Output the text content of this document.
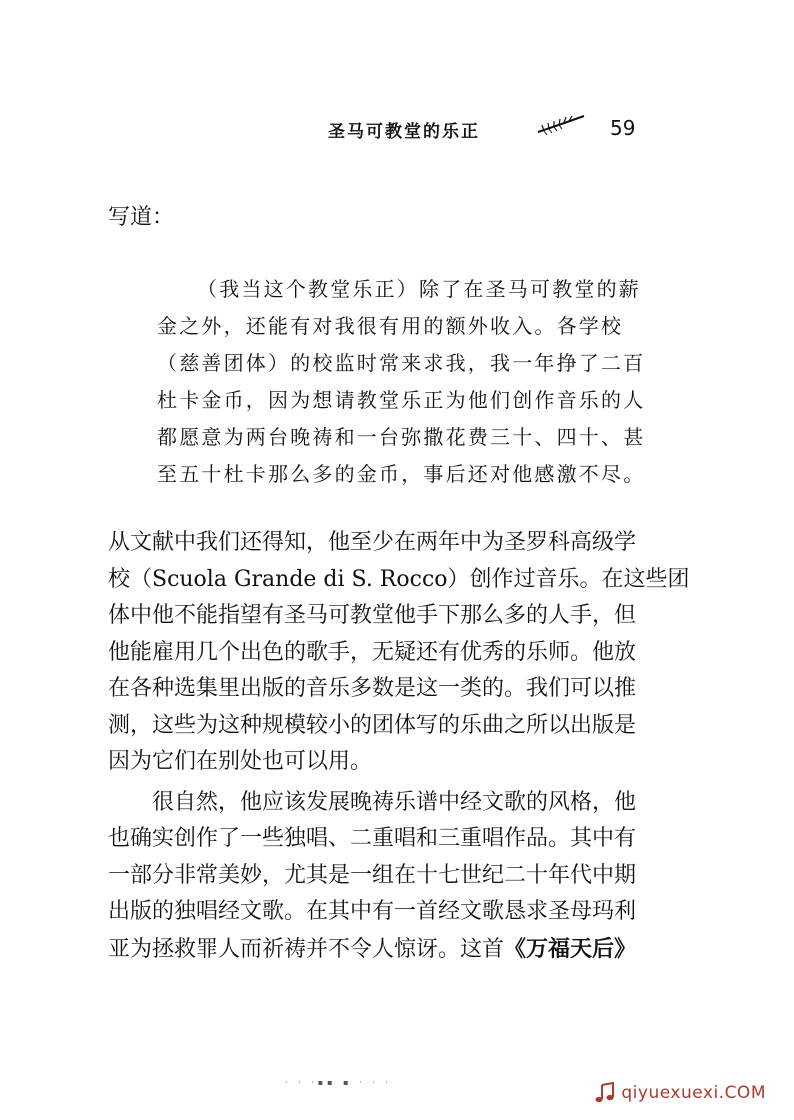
圣马可教堂的乐正	59
写道：

（我当这个教堂乐正）除了在圣马可教堂的薪

金之外，还能有对我很有用的额外收入。各学校

（慈善团体）的校监时常来求我，我一年挣了二百

杜卡金币，因为想请教堂乐正为他们创作音乐的人

都愿意为两台晚祷和一台弥撒花费三十、四十、甚

至五十杜卡那么多的金币，事后还对他感激不尽。

从文献中我们还得知，他至少在两年中为圣罗科高级学
校（Scuola Grande di S. Rocco）创作过音乐。在这些团
体中他不能指望有圣马可教堂他手下那么多的人手，但
他能雇用几个出色的歌手，无疑还有优秀的乐师。他放
在各种选集里出版的音乐多数是这一类的。我们可以推
测，这些为这种规模较小的团体写的乐曲之所以出版是
因为它们在别处也可以用。

很自然，他应该发展晚祷乐谱中经文歌的风格，他
也确实创作了一些独唱、二重唱和三重唱作品。其中有
一部分非常美妙，尤其是一组在十七世纪二十年代中期
出版的独唱经文歌。在其中有一首经文歌恳求圣母玛利
亚为拯救罪人而祈祷并不令人惊讶。这首《万福天后》

· · ·▪▪ ▪ · · ·
qiyuexuexi.COM
